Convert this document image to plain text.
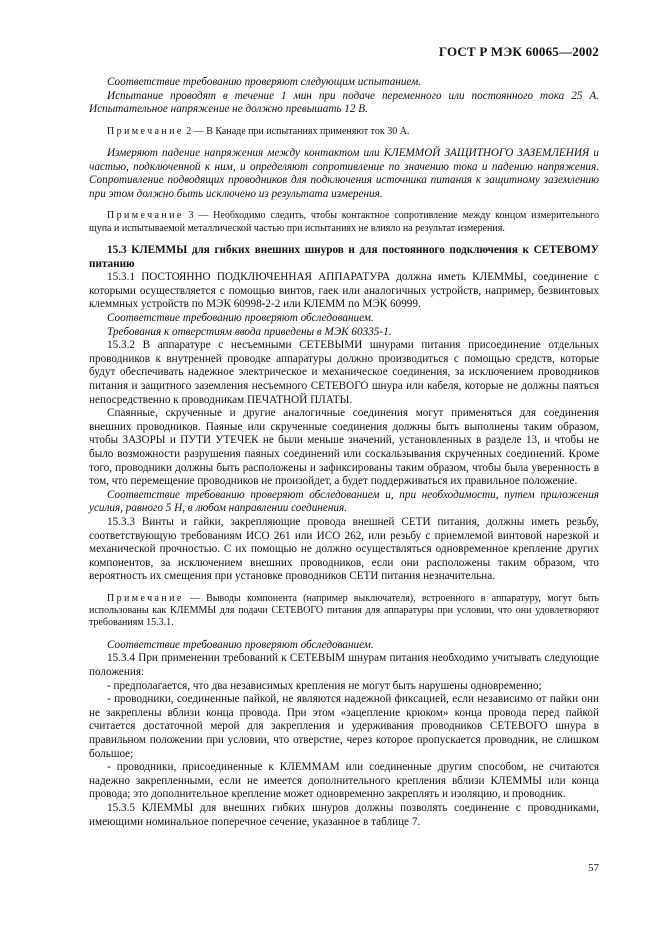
ГОСТ Р МЭК 60065—2002

Соответствие требованию проверяют следующим испытанием.

Испытание проводят в течение 1 мин при подаче переменного или постоянного тока 25 А. Испытательное напряжение не должно превышать 12 В.

Примечание 2 — В Канаде при испытаниях применяют ток 30 А.

Измеряют падение напряжения между контактом или КЛЕММОЙ ЗАЩИТНОГО ЗАЗЕМЛЕНИЯ и частью, подключенной к ним, и определяют сопротивление по значению тока и падению напряжения. Сопротивление подводящих проводников для подключения источника питания к защитному заземлению при этом должно быть исключено из результата измерения.

Примечание 3 — Необходимо следить, чтобы контактное сопротивление между концом измерительного щупа и испытываемой металлической частью при испытаниях не влияло на результат измерения.

15.3 КЛЕММЫ для гибких внешних шнуров и для постоянного подключения к СЕТЕВОМУ питанию

15.3.1 ПОСТОЯННО ПОДКЛЮЧЕННАЯ АППАРАТУРА должна иметь КЛЕММЫ, соединение с которыми осуществляется с помощью винтов, гаек или аналогичных устройств, например, безвинтовых клеммных устройств по МЭК 60998-2-2 или КЛЕММ по МЭК 60999.

Соответствие требованию проверяют обследованием.

Требования к отверстиям ввода приведены в МЭК 60335-1.

15.3.2 В аппаратуре с несъемными СЕТЕВЫМИ шнурами питания присоединение отдельных проводников к внутренней проводке аппаратуры должно производиться с помощью средств, которые будут обеспечивать надежное электрическое и механическое соединения, за исключением проводников питания и защитного заземления несъемного СЕТЕВОГО шнура или кабеля, которые не должны паяться непосредственно к проводникам ПЕЧАТНОЙ ПЛАТЫ.

Спаянные, скрученные и другие аналогичные соединения могут применяться для соединения внешних проводников. Паяные или скрученные соединения должны быть выполнены таким образом, чтобы ЗАЗОРЫ и ПУТИ УТЕЧЕК не были меньше значений, установленных в разделе 13, и чтобы не было возможности разрушения паяных соединений или соскальзывания скрученных соединений. Кроме того, проводники должны быть расположены и зафиксированы таким образом, чтобы была уверенность в том, что перемещение проводников не произойдет, а будет поддерживаться их правильное положение.

Соответствие требованию проверяют обследованием и, при необходимости, путем приложения усилия, равного 5 Н, в любом направлении соединения.

15.3.3 Винты и гайки, закрепляющие провода внешней СЕТИ питания, должны иметь резьбу, соответствующую требованиям ИСО 261 или ИСО 262, или резьбу с приемлемой винтовой нарезкой и механической прочностью. С их помощью не должно осуществляться одновременное крепление других компонентов, за исключением внешних проводников, если они расположены таким образом, что вероятность их смещения при установке проводников СЕТИ питания незначительна.

Примечание — Выводы компонента (например выключателя), встроенного в аппаратуру, могут быть использованы как КЛЕММЫ для подачи СЕТЕВОГО питания для аппаратуры при условии, что они удовлетворяют требованиям 15.3.1.

Соответствие требованию проверяют обследованием.

15.3.4 При применении требований к СЕТЕВЫМ шнурам питания необходимо учитывать следующие положения:

- предполагается, что два независимых крепления не могут быть нарушены одновременно;

- проводники, соединенные пайкой, не являются надежной фиксацией, если независимо от пайки они не закреплены вблизи конца провода. При этом «зацепление крюком» конца провода перед пайкой считается достаточной мерой для закрепления и удерживания проводников СЕТЕВОГО шнура в правильном положении при условии, что отверстие, через которое пропускается проводник, не слишком большое;

- проводники, присоединенные к КЛЕММАМ или соединенные другим способом, не считаются надежно закрепленными, если не имеется дополнительного крепления вблизи КЛЕММЫ или конца провода; это дополнительное крепление может одновременно закреплять и изоляцию, и проводник.

15.3.5 КЛЕММЫ для внешних гибких шнуров должны позволять соединение с проводниками, имеющими номинальное поперечное сечение, указанное в таблице 7.

57
